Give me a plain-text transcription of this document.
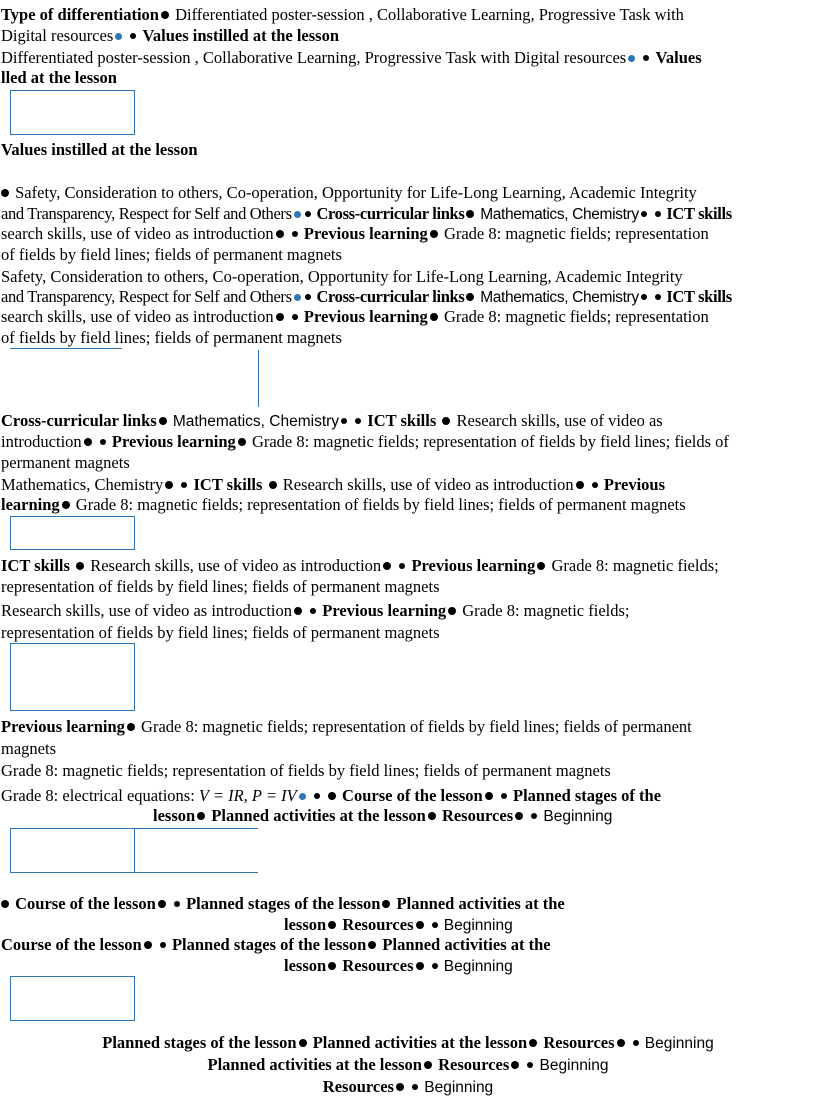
Type of differentiation Differentiated poster-session , Collaborative Learning, Progressive Task with
Digital resources Values instilled at the lesson
Differentiated poster-session , Collaborative Learning, Progressive Task with Digital resources Values
lled at the lesson
Values instilled at the lesson
Safety, Consideration to others, Co-operation, Opportunity for Life-Long Learning, Academic Integrity
and Transparency, Respect for Self and Others Cross-curricular links Mathematics, Chemistry ICT skills
search skills, use of video as introduction Previous learning Grade 8: magnetic fields; representation
of fields by field lines; fields of permanent magnets
Safety, Consideration to others, Co-operation, Opportunity for Life-Long Learning, Academic Integrity
and Transparency, Respect for Self and Others Cross-curricular links Mathematics, Chemistry ICT skills
search skills, use of video as introduction Previous learning Grade 8: magnetic fields; representation
of fields by field lines; fields of permanent magnets
Cross-curricular links Mathematics, Chemistry ICT skills Research skills, use of video as
introduction Previous learning Grade 8: magnetic fields; representation of fields by field lines; fields of
permanent magnets
Mathematics, Chemistry ICT skills Research skills, use of video as introduction Previous
learning Grade 8: magnetic fields; representation of fields by field lines; fields of permanent magnets
ICT skills Research skills, use of video as introduction Previous learning Grade 8: magnetic fields;
representation of fields by field lines; fields of permanent magnets
Research skills, use of video as introduction Previous learning Grade 8: magnetic fields;
representation of fields by field lines; fields of permanent magnets
Previous learning Grade 8: magnetic fields; representation of fields by field lines; fields of permanent
magnets
Grade 8: magnetic fields; representation of fields by field lines; fields of permanent magnets
Grade 8: electrical equations: V = IR, P = IV	Course of the lesson Planned stages of the
lesson Planned activities at the lesson Resources Beginning
Course of the lesson Planned stages of the lesson Planned activities at the
lesson Resources Beginning
Course of the lesson Planned stages of the lesson Planned activities at the
lesson Resources Beginning
Planned stages of the lesson Planned activities at the lesson Resources Beginning
Planned activities at the lesson Resources Beginning
Resources Beginning
